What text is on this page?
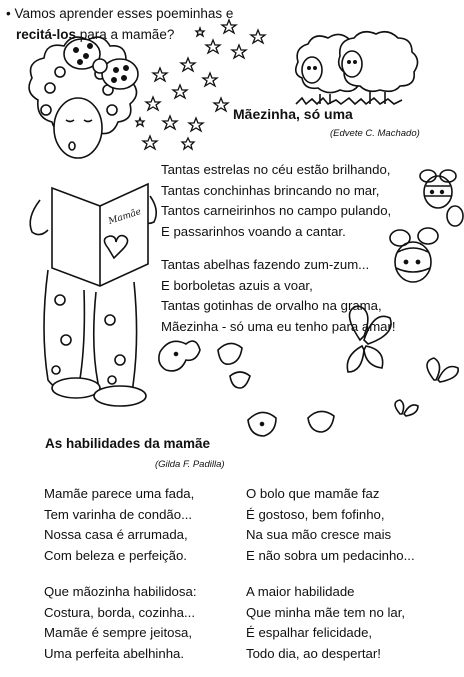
• Vamos aprender esses poeminhas e
recitá-los para a mamãe?
Mãezinha, só uma
(Edvete C. Machado)
Tantas estrelas no céu estão brilhando,
Tantas conchinhas brincando no mar,
Tantos carneirinhos no campo pulando,
E passarinhos voando a cantar.
Tantas abelhas fazendo zum-zum...
E borboletas azuis a voar,
Tantas gotinhas de orvalho na grama,
Mãezinha - só uma eu tenho para amar!
As habilidades da mamãe
(Gilda F. Padilla)
Mamãe parece uma fada,
Tem varinha de condão...
Nossa casa é arrumada,
Com beleza e perfeição.
Que mãozinha habilidosa:
Costura, borda, cozinha...
Mamãe é sempre jeitosa,
Uma perfeita abelhinha.
O bolo que mamãe faz
É gostoso, bem fofinho,
Na sua mão cresce mais
E não sobra um pedacinho...
A maior habilidade
Que minha mãe tem no lar,
É espalhar felicidade,
Todo dia, ao despertar!
Mamãe
